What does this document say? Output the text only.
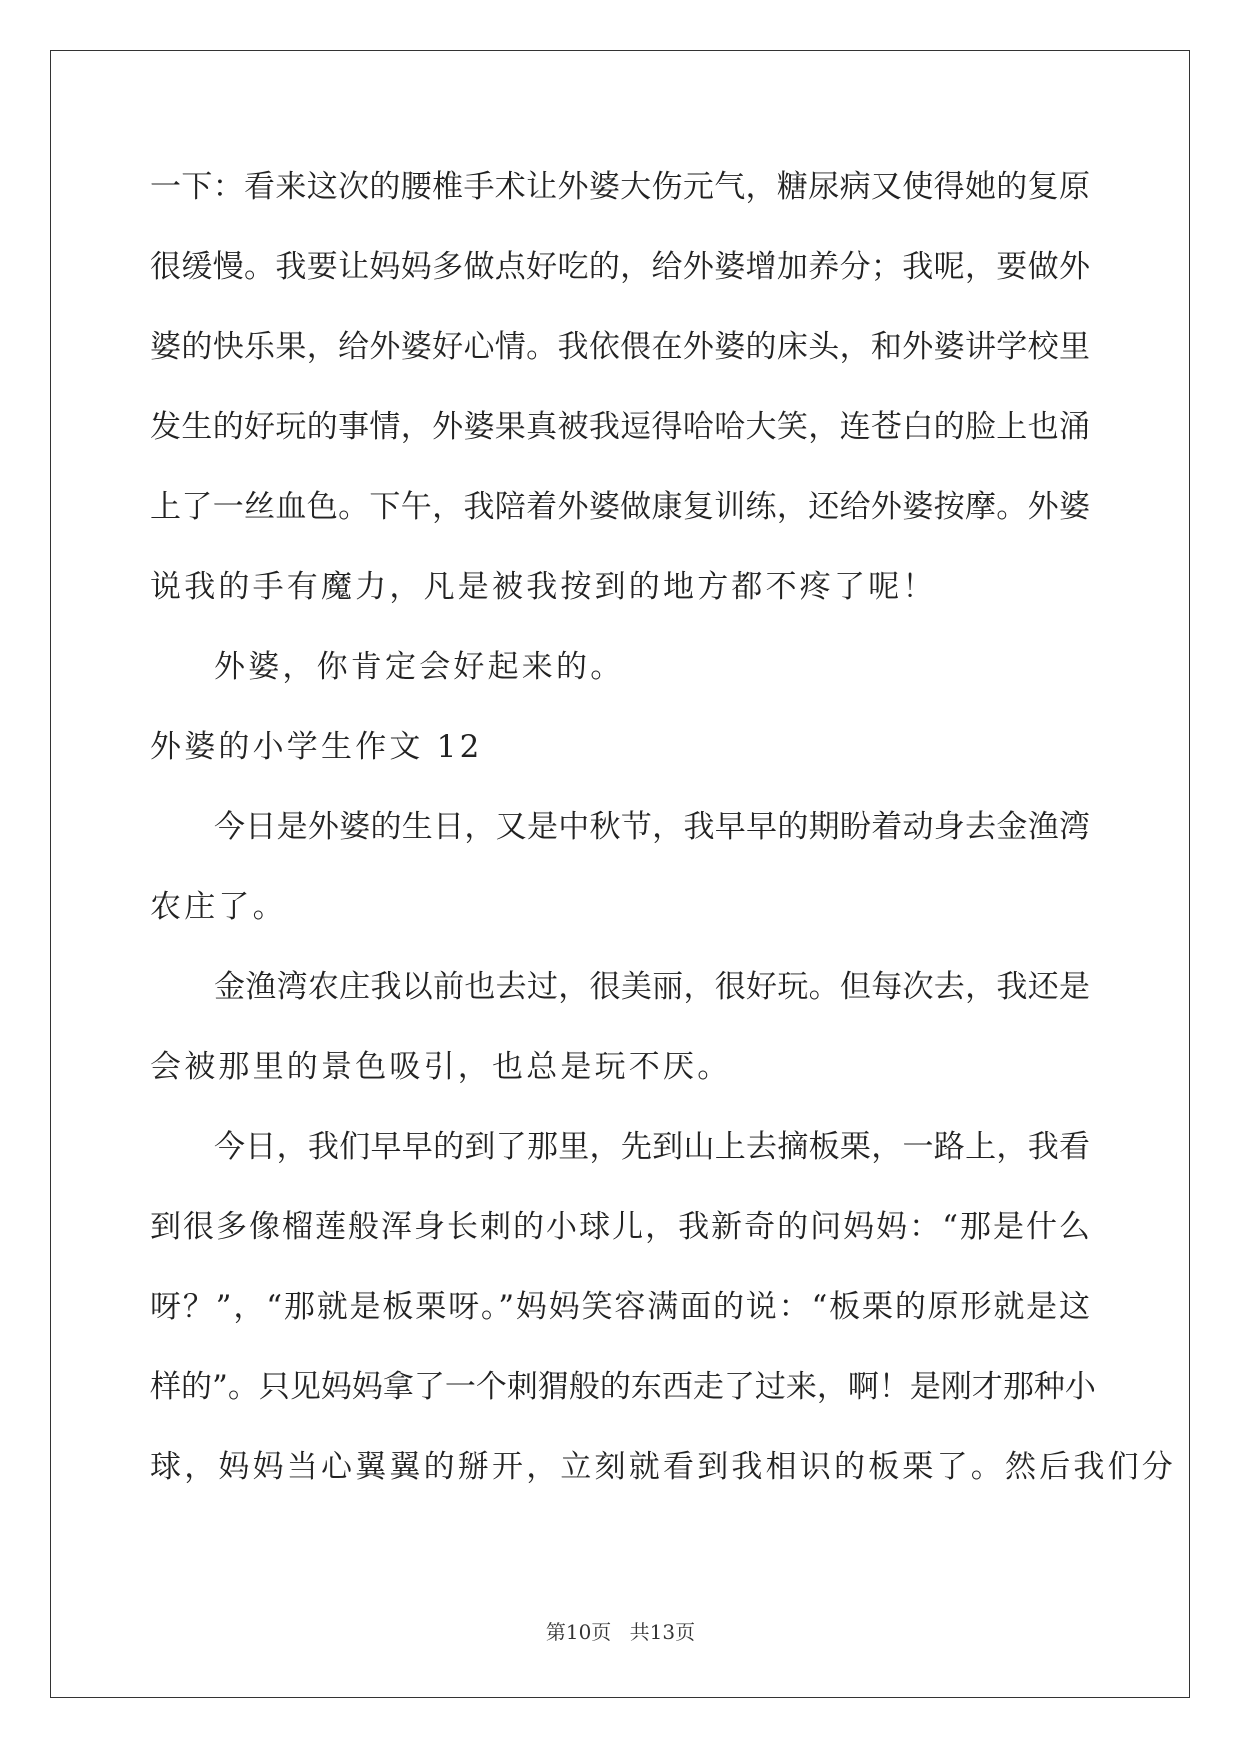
一下：看来这次的腰椎手术让外婆大伤元气，糖尿病又使得她的复原
很缓慢。我要让妈妈多做点好吃的，给外婆增加养分；我呢，要做外
婆的快乐果，给外婆好心情。我依偎在外婆的床头，和外婆讲学校里
发生的好玩的事情，外婆果真被我逗得哈哈大笑，连苍白的脸上也涌
上了一丝血色。下午，我陪着外婆做康复训练，还给外婆按摩。外婆
说我的手有魔力，凡是被我按到的地方都不疼了呢！
外婆，你肯定会好起来的。
外婆的小学生作文 12
今日是外婆的生日，又是中秋节，我早早的期盼着动身去金渔湾
农庄了。
金渔湾农庄我以前也去过，很美丽，很好玩。但每次去，我还是
会被那里的景色吸引，也总是玩不厌。
今日，我们早早的到了那里，先到山上去摘板栗，一路上，我看
到很多像榴莲般浑身长刺的小球儿，我新奇的问妈妈：“那是什么
呀？”，“那就是板栗呀。”妈妈笑容满面的说：“板栗的原形就是这
样的”。只见妈妈拿了一个刺猬般的东西走了过来，啊！是刚才那种小
球，妈妈当心翼翼的掰开，立刻就看到我相识的板栗了。然后我们分
第10页 共13页
